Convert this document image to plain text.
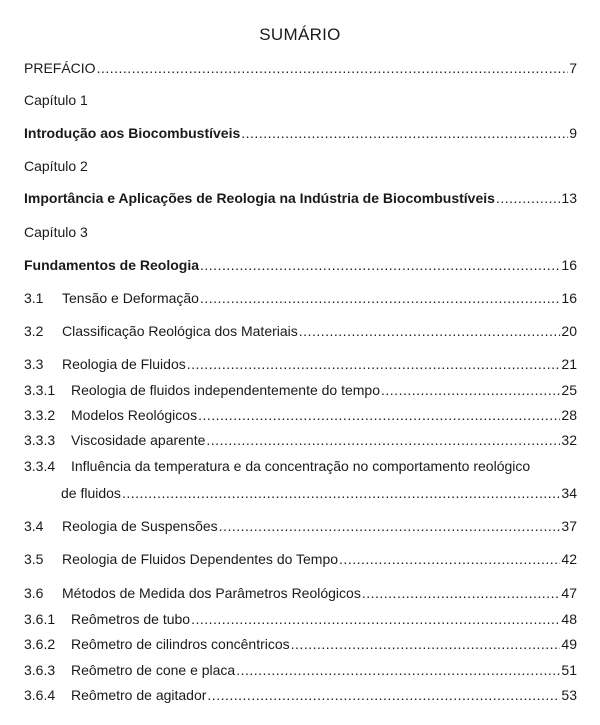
SUMÁRIO
PREFÁCIO .....	7
Capítulo 1
Introdução aos Biocombustíveis .....	9
Capítulo 2
Importância e Aplicações de Reologia na Indústria de Biocombustíveis .....	13
Capítulo 3
Fundamentos de Reologia .....	16
3.1	Tensão e Deformação .....	16
3.2	Classificação Reológica dos Materiais .....	20
3.3	Reologia de Fluidos .....	21
3.3.1	Reologia de fluidos independentemente do tempo .....	25
3.3.2	Modelos Reológicos .....	28
3.3.3	Viscosidade aparente .....	32
3.3.4	Influência da temperatura e da concentração no comportamento reológico
de fluidos .....	34
3.4	Reologia de Suspensões .....	37
3.5	Reologia de Fluidos Dependentes do Tempo .....	42
3.6	Métodos de Medida dos Parâmetros Reológicos .....	47
3.6.1	Reômetros de tubo .....	48
3.6.2	Reômetro de cilindros concêntricos .....	49
3.6.3	Reômetro de cone e placa .....	51
3.6.4	Reômetro de agitador .....	53
